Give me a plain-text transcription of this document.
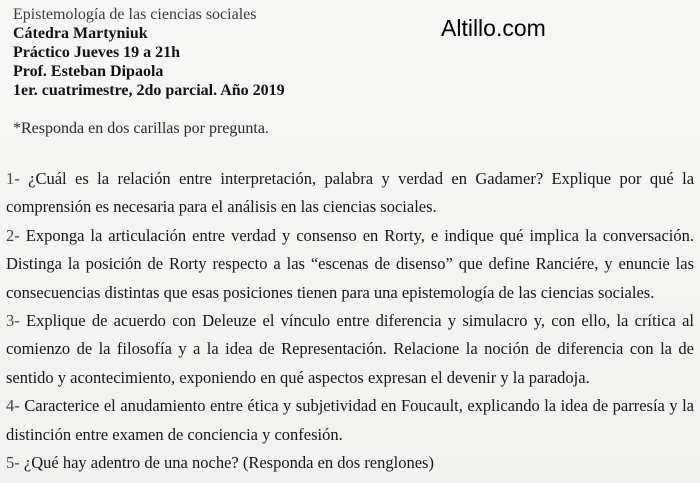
Epistemología de las ciencias sociales
Cátedra Martyniuk
Práctico Jueves 19 a 21h
Prof. Esteban Dipaola
1er. cuatrimestre, 2do parcial. Año 2019
Altillo.com
*Responda en dos carillas por pregunta.

1- ¿Cuál es la relación entre interpretación, palabra y verdad en Gadamer? Explique por qué la comprensión es necesaria para el análisis en las ciencias sociales.

2- Exponga la articulación entre verdad y consenso en Rorty, e indique qué implica la conversación. Distinga la posición de Rorty respecto a las “escenas de disenso” que define Ranciére, y enuncie las consecuencias distintas que esas posiciones tienen para una epistemología de las ciencias sociales.

3- Explique de acuerdo con Deleuze el vínculo entre diferencia y simulacro y, con ello, la crítica al comienzo de la filosofía y a la idea de Representación. Relacione la noción de diferencia con la de sentido y acontecimiento, exponiendo en qué aspectos expresan el devenir y la paradoja.

4- Caracterice el anudamiento entre ética y subjetividad en Foucault, explicando la idea de parresía y la distinción entre examen de conciencia y confesión.

5- ¿Qué hay adentro de una noche? (Responda en dos renglones)
